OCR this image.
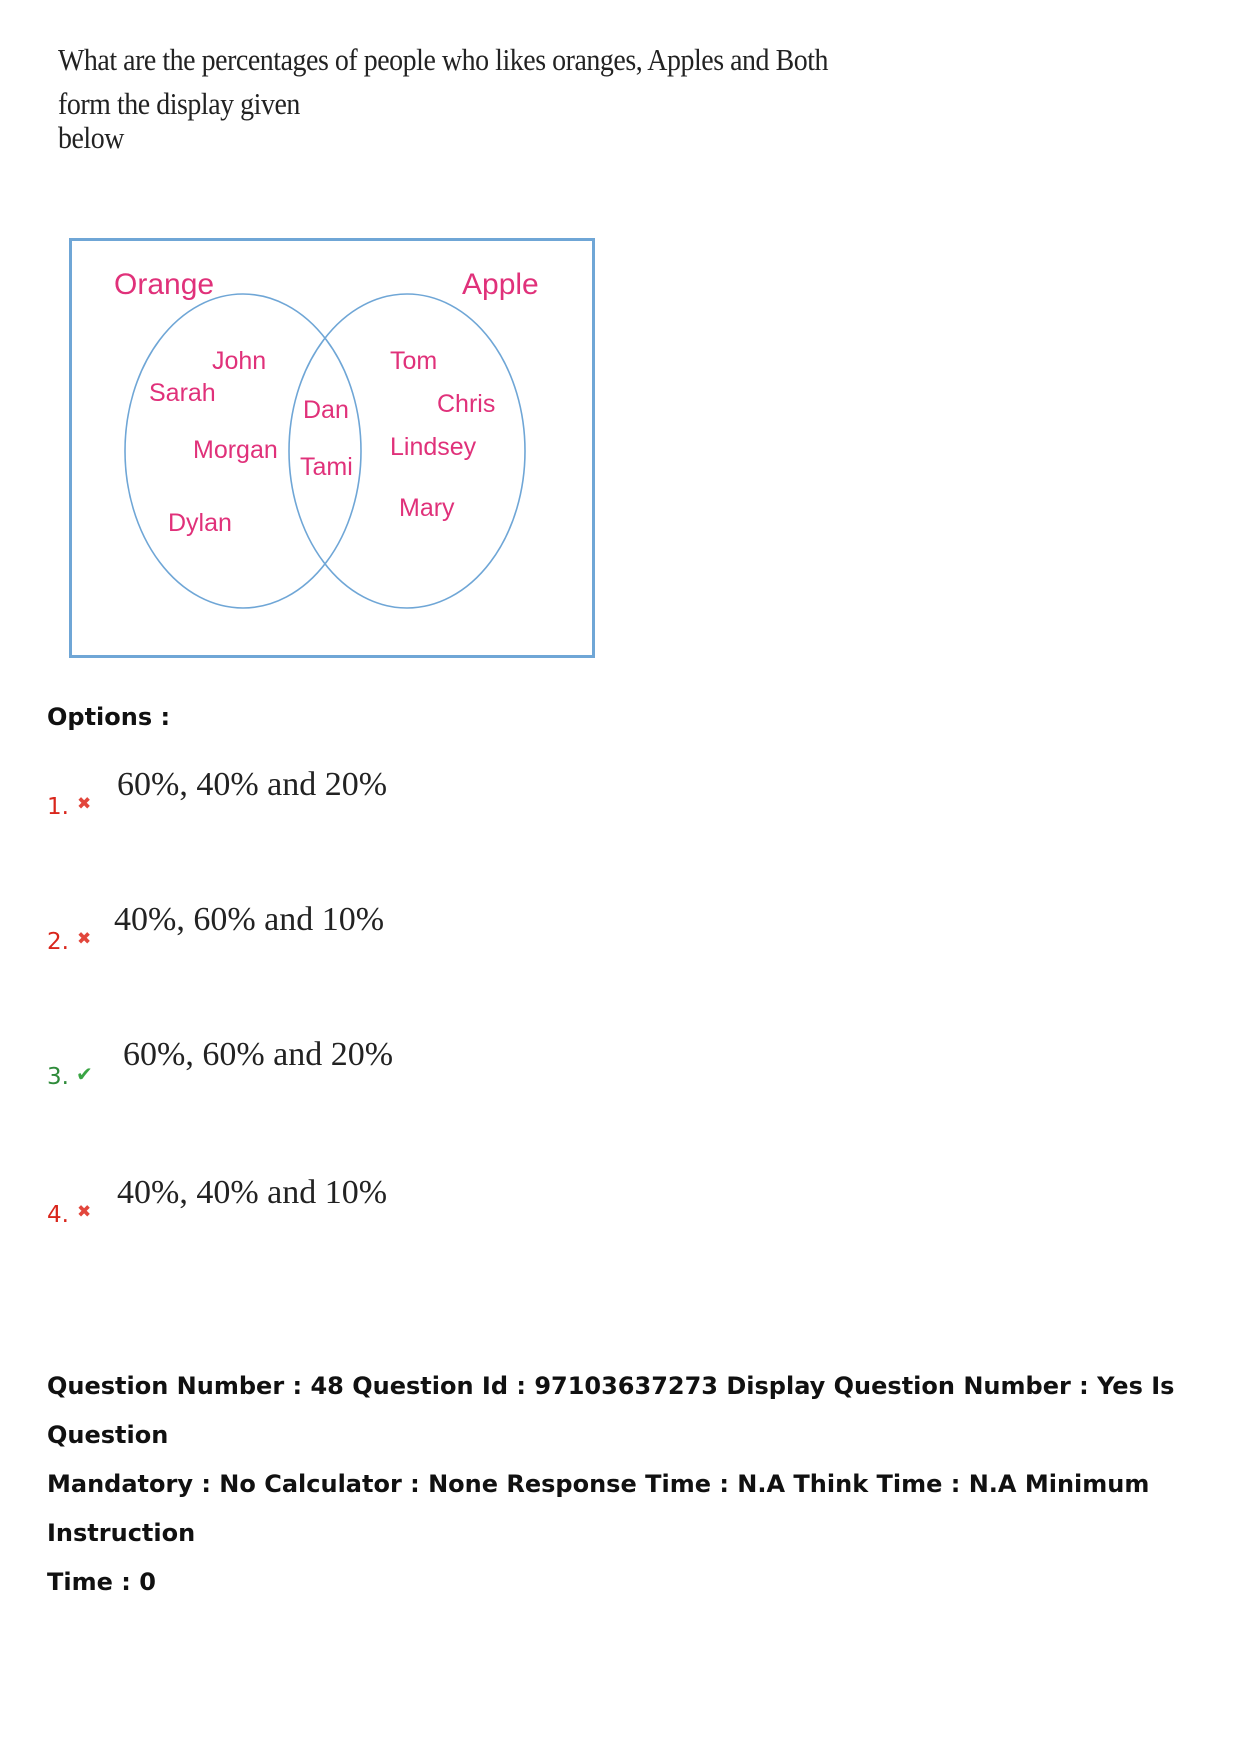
What are the percentages of people who likes oranges, Apples and Both form the display given
below
Orange	Apple
John
Sarah
Morgan
Dylan
Dan
Tami
Tom
Chris
Lindsey
Mary
Options :
1. ✖
60%, 40% and 20%
2. ✖
40%, 60% and 10%
3. ✔
60%, 60% and 20%
4. ✖
40%, 40% and 10%
Question Number : 48 Question Id : 97103637273 Display Question Number : Yes Is Question
Mandatory : No Calculator : None Response Time : N.A Think Time : N.A Minimum Instruction
Time : 0
